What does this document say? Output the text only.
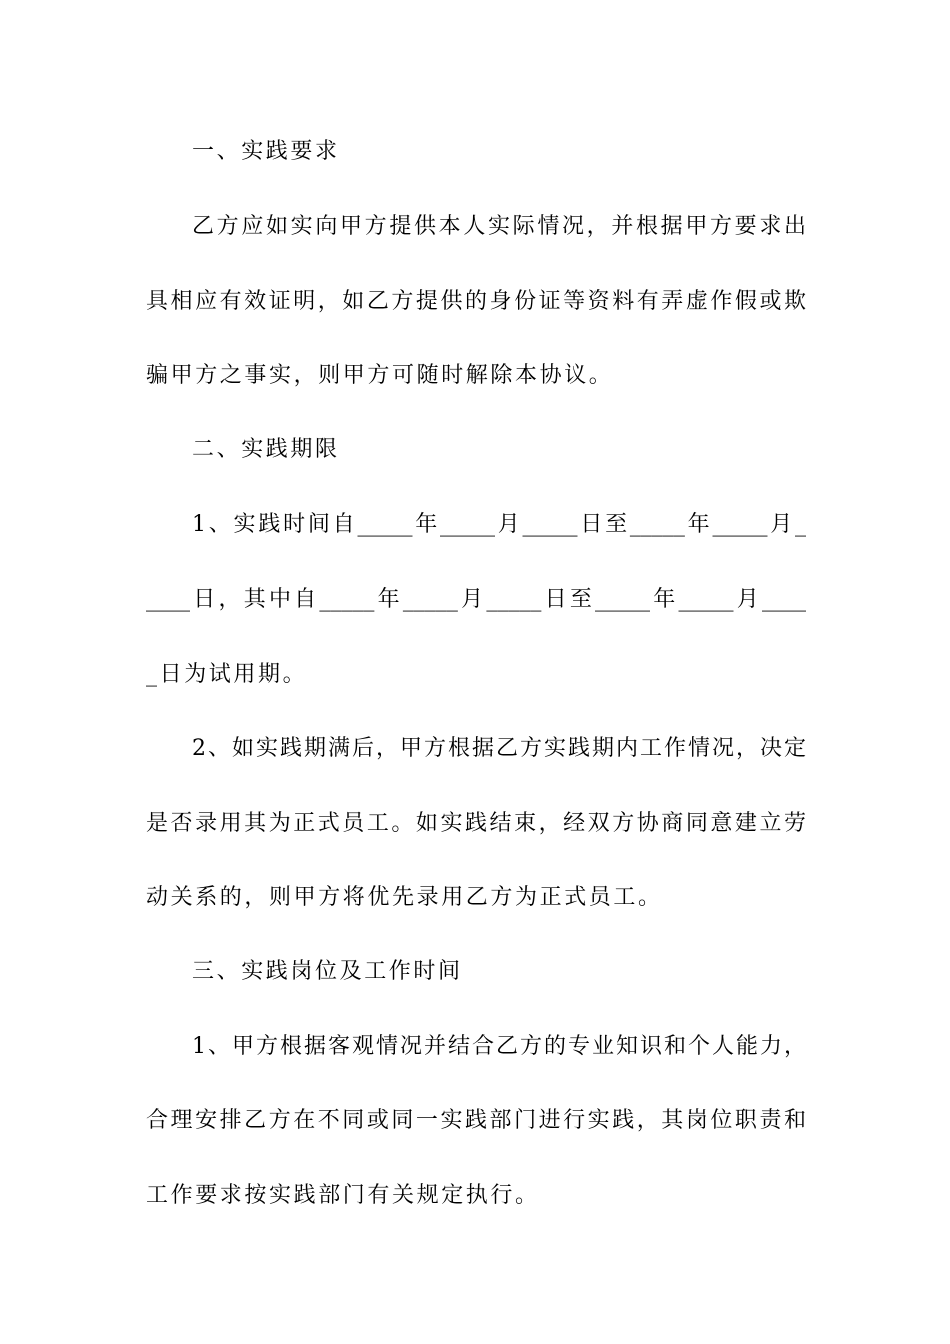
一、实践要求
乙方应如实向甲方提供本人实际情况，并根据甲方要求出
具相应有效证明，如乙方提供的身份证等资料有弄虚作假或欺
骗甲方之事实，则甲方可随时解除本协议。
二、实践期限
1、实践时间自_____年_____月_____日至_____年_____月_
____日，其中自_____年_____月_____日至_____年_____月____
_日为试用期。
2、如实践期满后，甲方根据乙方实践期内工作情况，决定
是否录用其为正式员工。如实践结束，经双方协商同意建立劳
动关系的，则甲方将优先录用乙方为正式员工。
三、实践岗位及工作时间
1、甲方根据客观情况并结合乙方的专业知识和个人能力，
合理安排乙方在不同或同一实践部门进行实践，其岗位职责和
工作要求按实践部门有关规定执行。
